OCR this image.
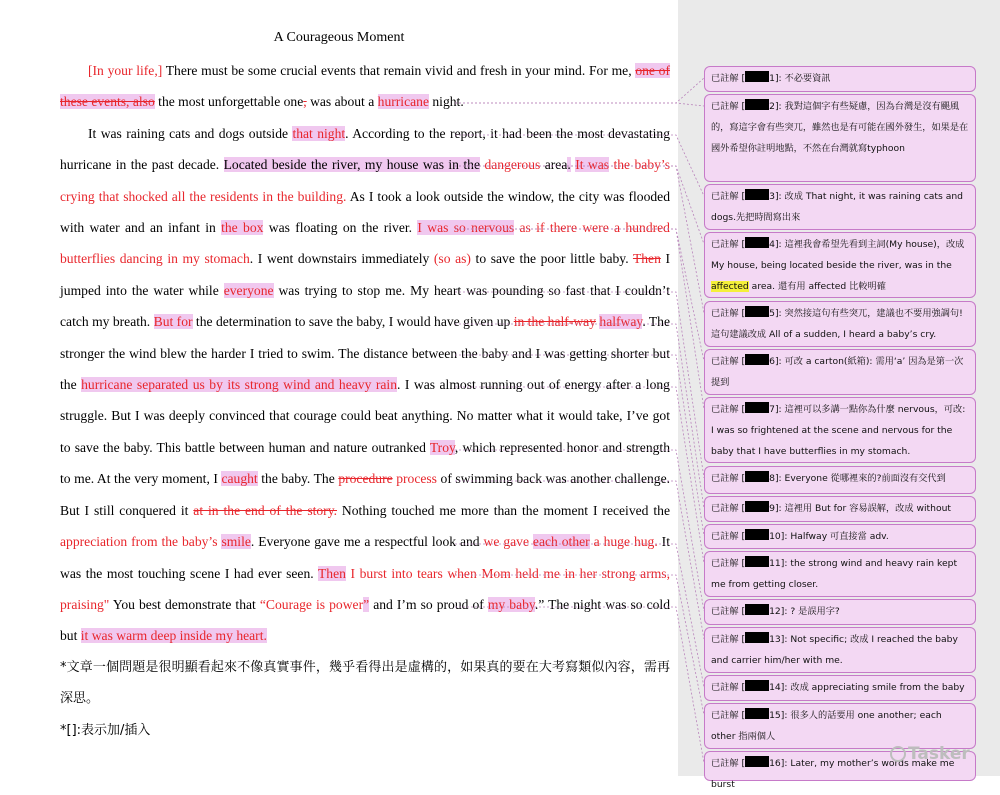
A Courageous Moment

[In your life,] There must be some crucial events that remain vivid and fresh in your mind. For me, one of these events, also the most unforgettable one, was about a hurricane night.

It was raining cats and dogs outside that night. According to the report, it had been the most devastating hurricane in the past decade. Located beside the river, my house was in the dangerous area. It was the baby’s crying that shocked all the residents in the building. As I took a look outside the window, the city was flooded with water and an infant in the box was floating on the river. I was so nervous as if there were a hundred butterflies dancing in my stomach. I went downstairs immediately (so as) to save the poor little baby. Then I jumped into the water while everyone was trying to stop me. My heart was pounding so fast that I couldn’t catch my breath. But for the determination to save the baby, I would have given up in the half-way halfway. The stronger the wind blew the harder I tried to swim. The distance between the baby and I was getting shorter but the hurricane separated us by its strong wind and heavy rain. I was almost running out of energy after a long struggle. But I was deeply convinced that courage could beat anything. No matter what it would take, I’ve got to save the baby. This battle between human and nature outranked Troy, which represented honor and strength to me. At the very moment, I caught the baby. The procedure process of swimming back was another challenge. But I still conquered it at in the end of the story. Nothing touched me more than the moment I received the appreciation from the baby’s smile. Everyone gave me a respectful look and we gave each other a huge hug. It was the most touching scene I had ever seen. Then I burst into tears when Mom held me in her strong arms, praising" You best demonstrate that “Courage is power” and I’m so proud of my baby.” The night was so cold but it was warm deep inside my heart.

*文章一個問題是很明顯看起來不像真實事件，幾乎看得出是虛構的，如果真的要在大考寫類似內容，需再深思。

*[]:表示加/插入

已註解 [	1]: 不必要資訊
已註解 [	2]: 我對這個字有些疑慮，因為台灣是沒有颶風的，寫這字會有些突兀，雖然也是有可能在國外發生，如果是在國外希望你註明地點，不然在台灣就寫typhoon
已註解 [	3]: 改成 That night, it was raining cats and dogs.先把時間寫出來
已註解 [	4]: 這裡我會希望先看到主詞(My house)，改成 My house, being located beside the river, was in the affected area. 還有用 affected 比較明確
已註解 [	5]: 突然接這句有些突兀，建議也不要用強調句! 這句建議改成 All of a sudden, I heard a baby’s cry.
已註解 [	6]: 可改 a carton(紙箱): 需用‘a’ 因為是第一次提到
已註解 [	7]: 這裡可以多講一點你為什麼 nervous，可改: I was so frightened at the scene and nervous for the baby that I have butterflies in my stomach.
已註解 [	8]: Everyone 從哪裡來的?前面沒有交代到
已註解 [	9]: 這裡用 But for 容易誤解，改成 without
已註解 [	10]: Halfway 可直接當 adv.
已註解 [	11]: the strong wind and heavy rain kept me from getting closer.
已註解 [	12]: ? 是誤用字?
已註解 [	13]: Not specific; 改成 I reached the baby and carrier him/her with me.
已註解 [	14]: 改成 appreciating smile from the baby
已註解 [	15]: 很多人的話要用 one another; each other 指兩個人
已註解 [	16]: Later, my mother’s words make me burst
Tasker
